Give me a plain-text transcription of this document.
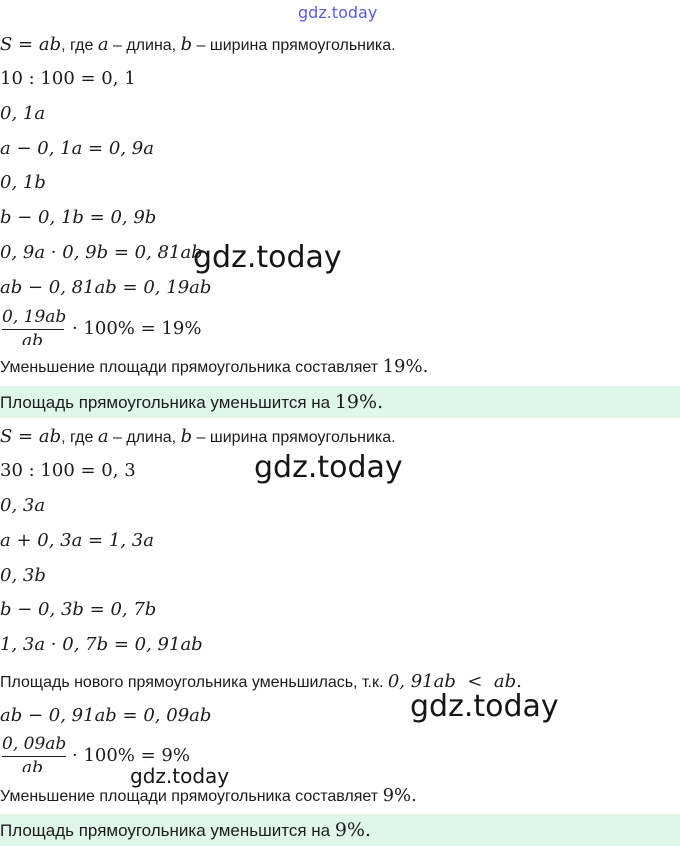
gdz.today
gdz.today
gdz.today
gdz.today
gdz.today
S = ab, где a – длина, b – ширина прямоугольника.
10 : 100 = 0, 1
0, 1a
a − 0, 1a = 0, 9a
0, 1b
b − 0, 1b = 0, 9b
0, 9a · 0, 9b = 0, 81ab
ab − 0, 81ab = 0, 19ab
0, 19ab
ab
· 100% = 19%
Уменьшение площади прямоугольника составляет 19%.
Площадь прямоугольника уменьшится на 19%.
S = ab, где a – длина, b – ширина прямоугольника.
30 : 100 = 0, 3
0, 3a
a + 0, 3a = 1, 3a
0, 3b
b − 0, 3b = 0, 7b
1, 3a · 0, 7b = 0, 91ab
Площадь нового прямоугольника уменьшилась, т.к. 0, 91ab  <  ab.
ab − 0, 91ab = 0, 09ab
0, 09ab
ab
· 100% = 9%
Уменьшение площади прямоугольника составляет 9%.
Площадь прямоугольника уменьшится на 9%.
